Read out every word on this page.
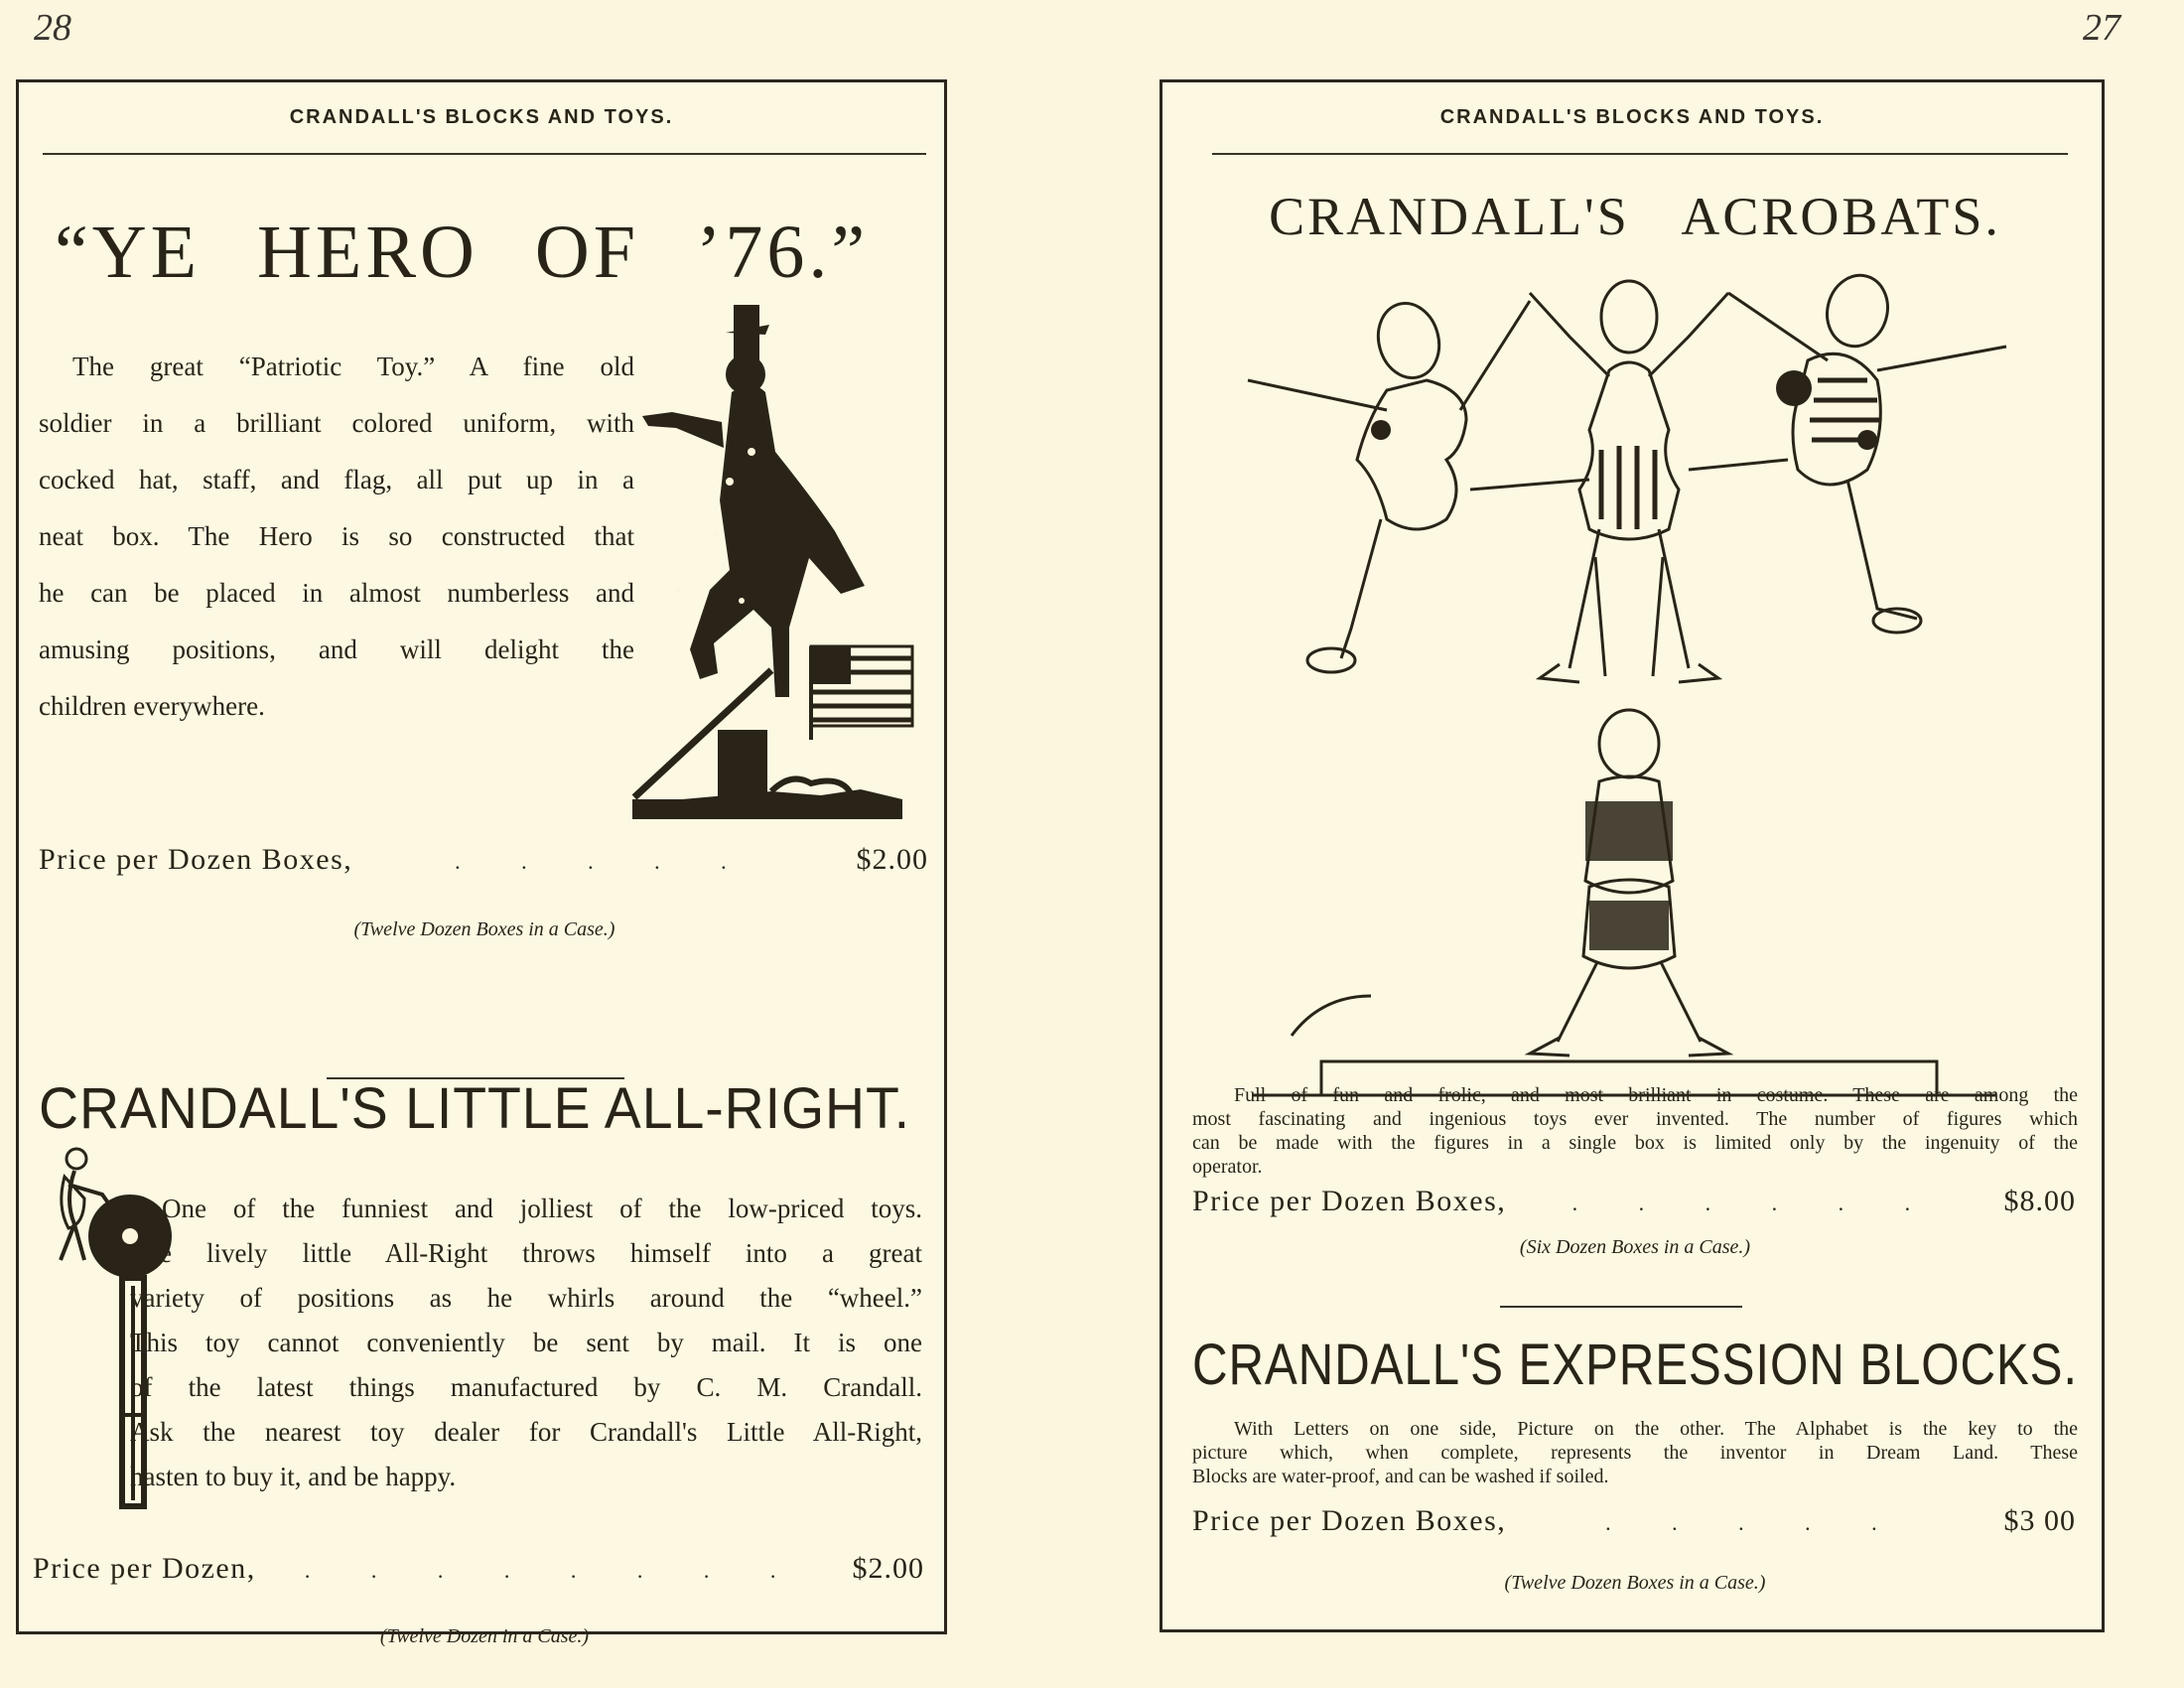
28	27
CRANDALL'S BLOCKS AND TOYS.
“YE HERO OF ’76.”
The great “Patriotic Toy.” A fine old
soldier in a brilliant colored uniform, with
cocked hat, staff, and flag, all put up in a
neat box. The Hero is so constructed that
he can be placed in almost numberless and
amusing positions, and will delight the
children everywhere.
Price per Dozen Boxes,	. . . . .	$2.00
(Twelve Dozen Boxes in a Case.)
CRANDALL'S LITTLE ALL-RIGHT.
One of the funniest and jolliest of the low-priced toys.
The lively little All-Right throws himself into a great
variety of positions as he whirls around the “wheel.”
This toy cannot conveniently be sent by mail. It is one
of the latest things manufactured by C. M. Crandall.
Ask the nearest toy dealer for Crandall's Little All-Right,
hasten to buy it, and be happy.
Price per Dozen,	. . . . . . . .	$2.00
(Twelve Dozen in a Case.)
CRANDALL'S BLOCKS AND TOYS.
CRANDALL'S ACROBATS.
Full of fun and frolic, and most brilliant in costume. These are among the
most fascinating and ingenious toys ever invented. The number of figures which
can be made with the figures in a single box is limited only by the ingenuity of the
operator.
Price per Dozen Boxes,	. . . . . .	$8.00
(Six Dozen Boxes in a Case.)
CRANDALL'S EXPRESSION BLOCKS.
With Letters on one side, Picture on the other. The Alphabet is the key to the
picture which, when complete, represents the inventor in Dream Land. These
Blocks are water-proof, and can be washed if soiled.
Price per Dozen Boxes,	. . . . .	$3 00
(Twelve Dozen Boxes in a Case.)
